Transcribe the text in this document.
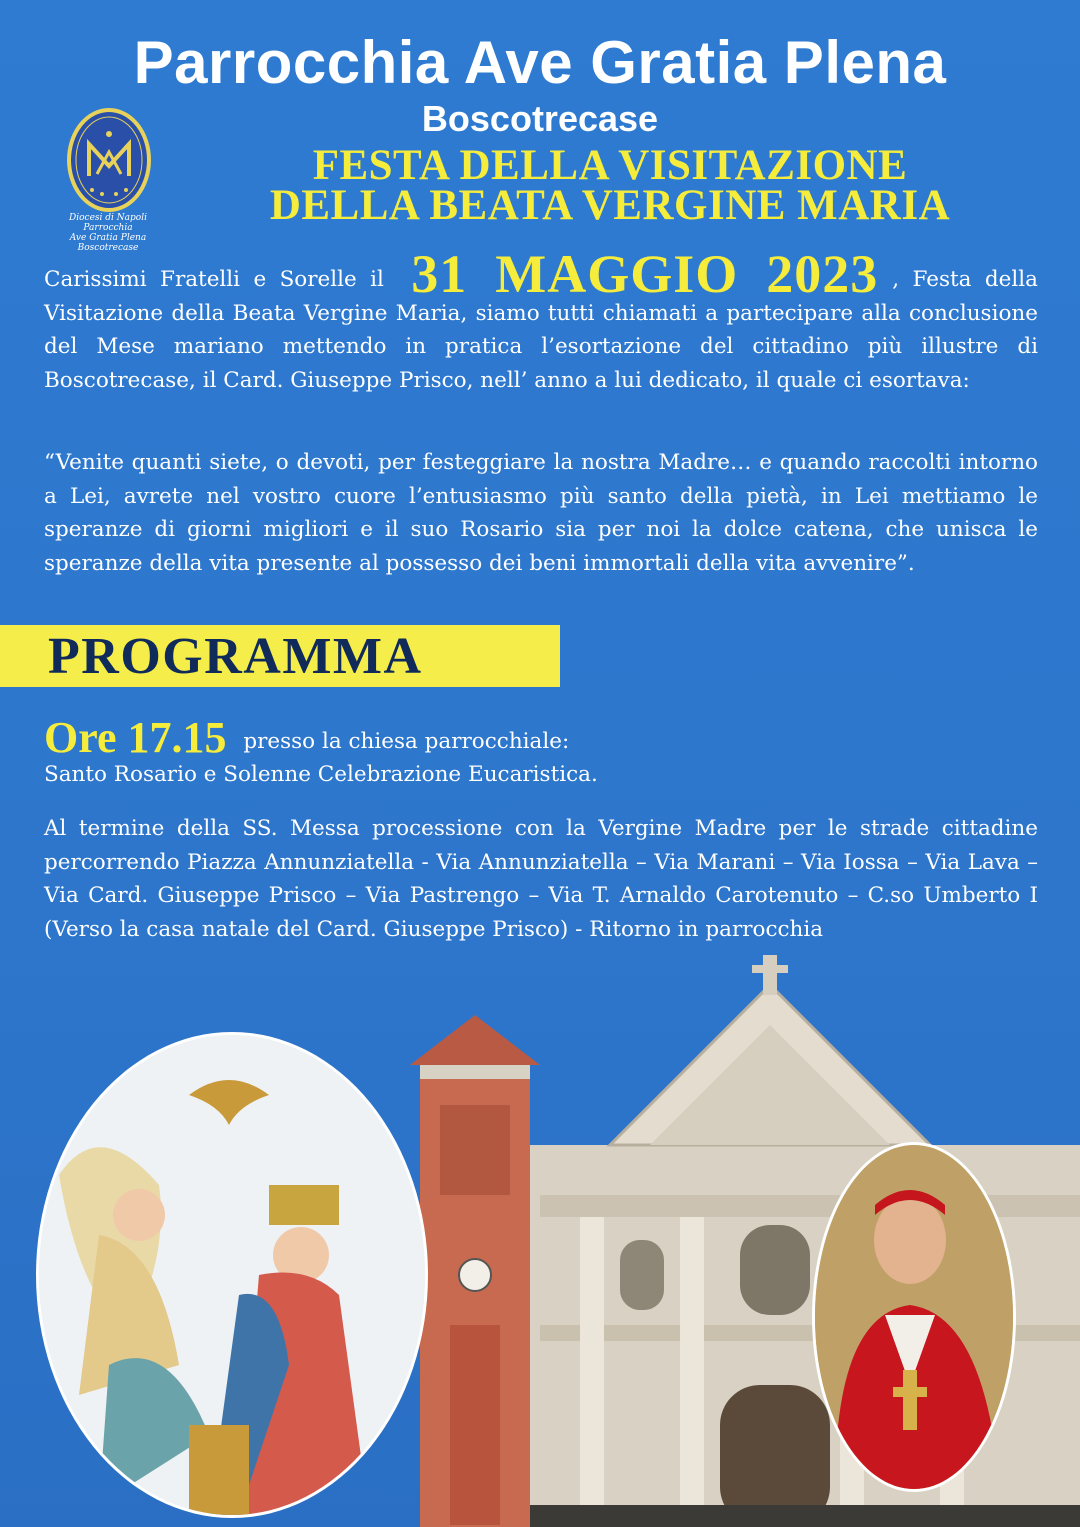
Parrocchia Ave Gratia Plena
Boscotrecase
Diocesi di Napoli
Parrocchia
Ave Gratia Plena
Boscotrecase
FESTA DELLA VISITAZIONE
DELLA BEATA VERGINE MARIA
Carissimi Fratelli e Sorelle il 31 MAGGIO 2023 , Festa della Visitazione della Beata Vergine Maria, siamo tutti chiamati a partecipare alla conclusione del Mese mariano mettendo in pratica l’esortazione del cittadino più illustre di Boscotrecase, il Card. Giuseppe Prisco, nell’ anno a lui dedicato, il quale ci esortava:
“Venite quanti siete, o devoti, per festeggiare la nostra Madre… e quando raccolti intorno a Lei, avrete nel vostro cuore l’entusiasmo più santo della pietà, in Lei mettiamo le speranze di giorni migliori e il suo Rosario sia per noi la dolce catena, che unisca le speranze della vita presente al possesso dei beni immortali della vita avvenire”.
PROGRAMMA
Ore 17.15 presso la chiesa parrocchiale:
Santo Rosario e Solenne Celebrazione Eucaristica.
Al termine della SS. Messa processione con la Vergine Madre per le strade cittadine percorrendo Piazza Annunziatella - Via Annunziatella – Via Marani – Via Iossa – Via Lava – Via Card. Giuseppe Prisco – Via Pastrengo – Via T. Arnaldo Carotenuto – C.so Umberto I (Verso la casa natale del Card. Giuseppe Prisco) - Ritorno in parrocchia
